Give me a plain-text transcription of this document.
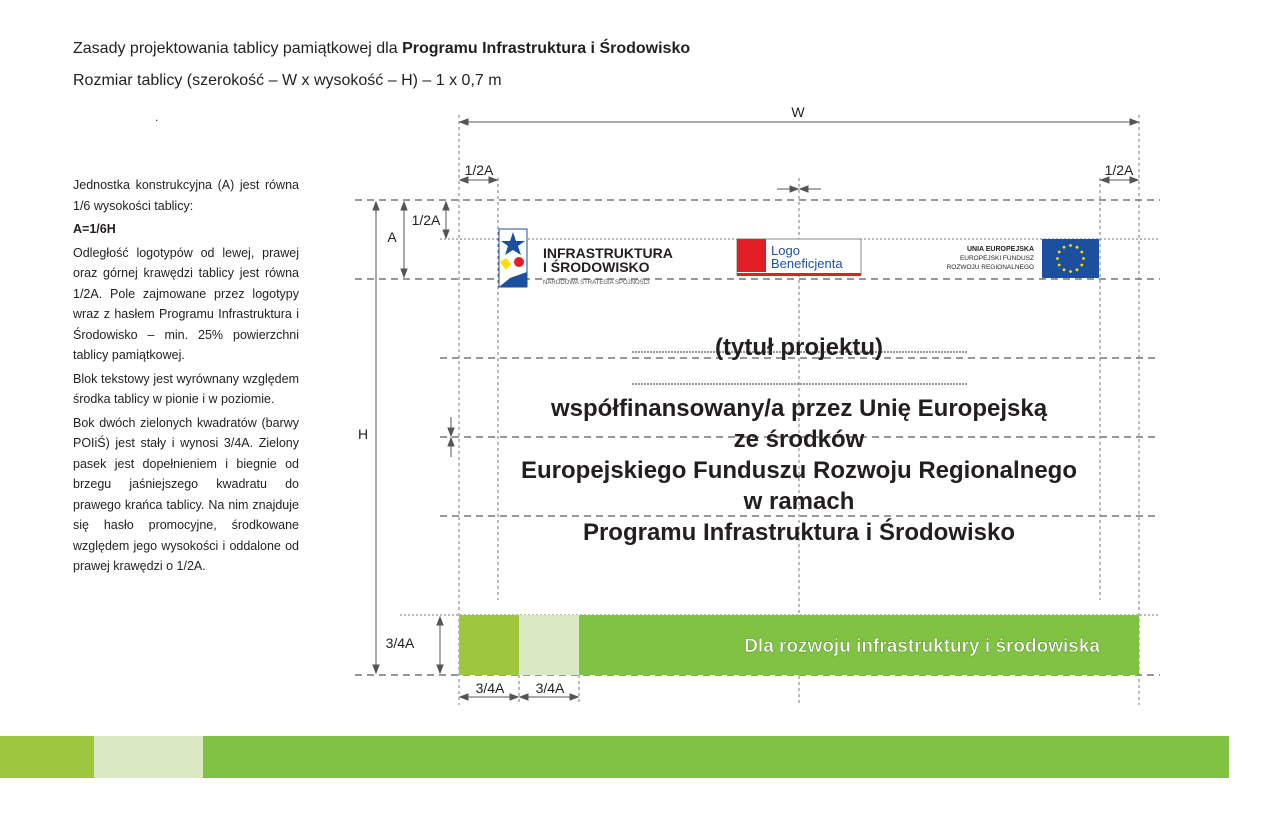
Zasady projektowania tablicy pamiątkowej dla Programu Infrastruktura i Środowisko
Rozmiar tablicy (szerokość – W x wysokość – H) – 1 x 0,7 m
.

Jednostka konstrukcyjna (A) jest równa 1/6 wysokości tablicy:

A=1/6H

Odległość logotypów od lewej, prawej oraz górnej krawędzi tablicy jest równa 1/2A. Pole zajmowane przez logotypy wraz z hasłem Programu Infrastruktura i Środowisko – min. 25% powierzchni tablicy pamiątkowej.

Blok tekstowy jest wyrównany względem środka tablicy w pionie i w poziomie.

Bok dwóch zielonych kwadratów (barwy POIiŚ) jest stały i wynosi 3/4A. Zielony pasek jest dopełnieniem i biegnie od brzegu jaśniejszego kwadratu do prawego krańca tablicy. Na nim znajduje się hasło promocyjne, środkowane względem jego wysokości i oddalone od prawej krawędzi o 1/2A.

W
H
A
1/2A	1/2A
1/2A
3/4A
3/4A 3/4A
INFRASTRUKTURA
I ŚRODOWISKO
NARODOWA STRATEGIA SPÓJNOŚCI
Logo
Beneficjenta
UNIA EUROPEJSKA
EUROPEJSKI FUNDUSZ
ROZWOJU REGIONALNEGO
(tytuł projektu)
współfinansowany/a przez Unię Europejską
ze środków
Europejskiego Funduszu Rozwoju Regionalnego
w ramach
Programu Infrastruktura i Środowisko
Dla rozwoju infrastruktury i środowiska
